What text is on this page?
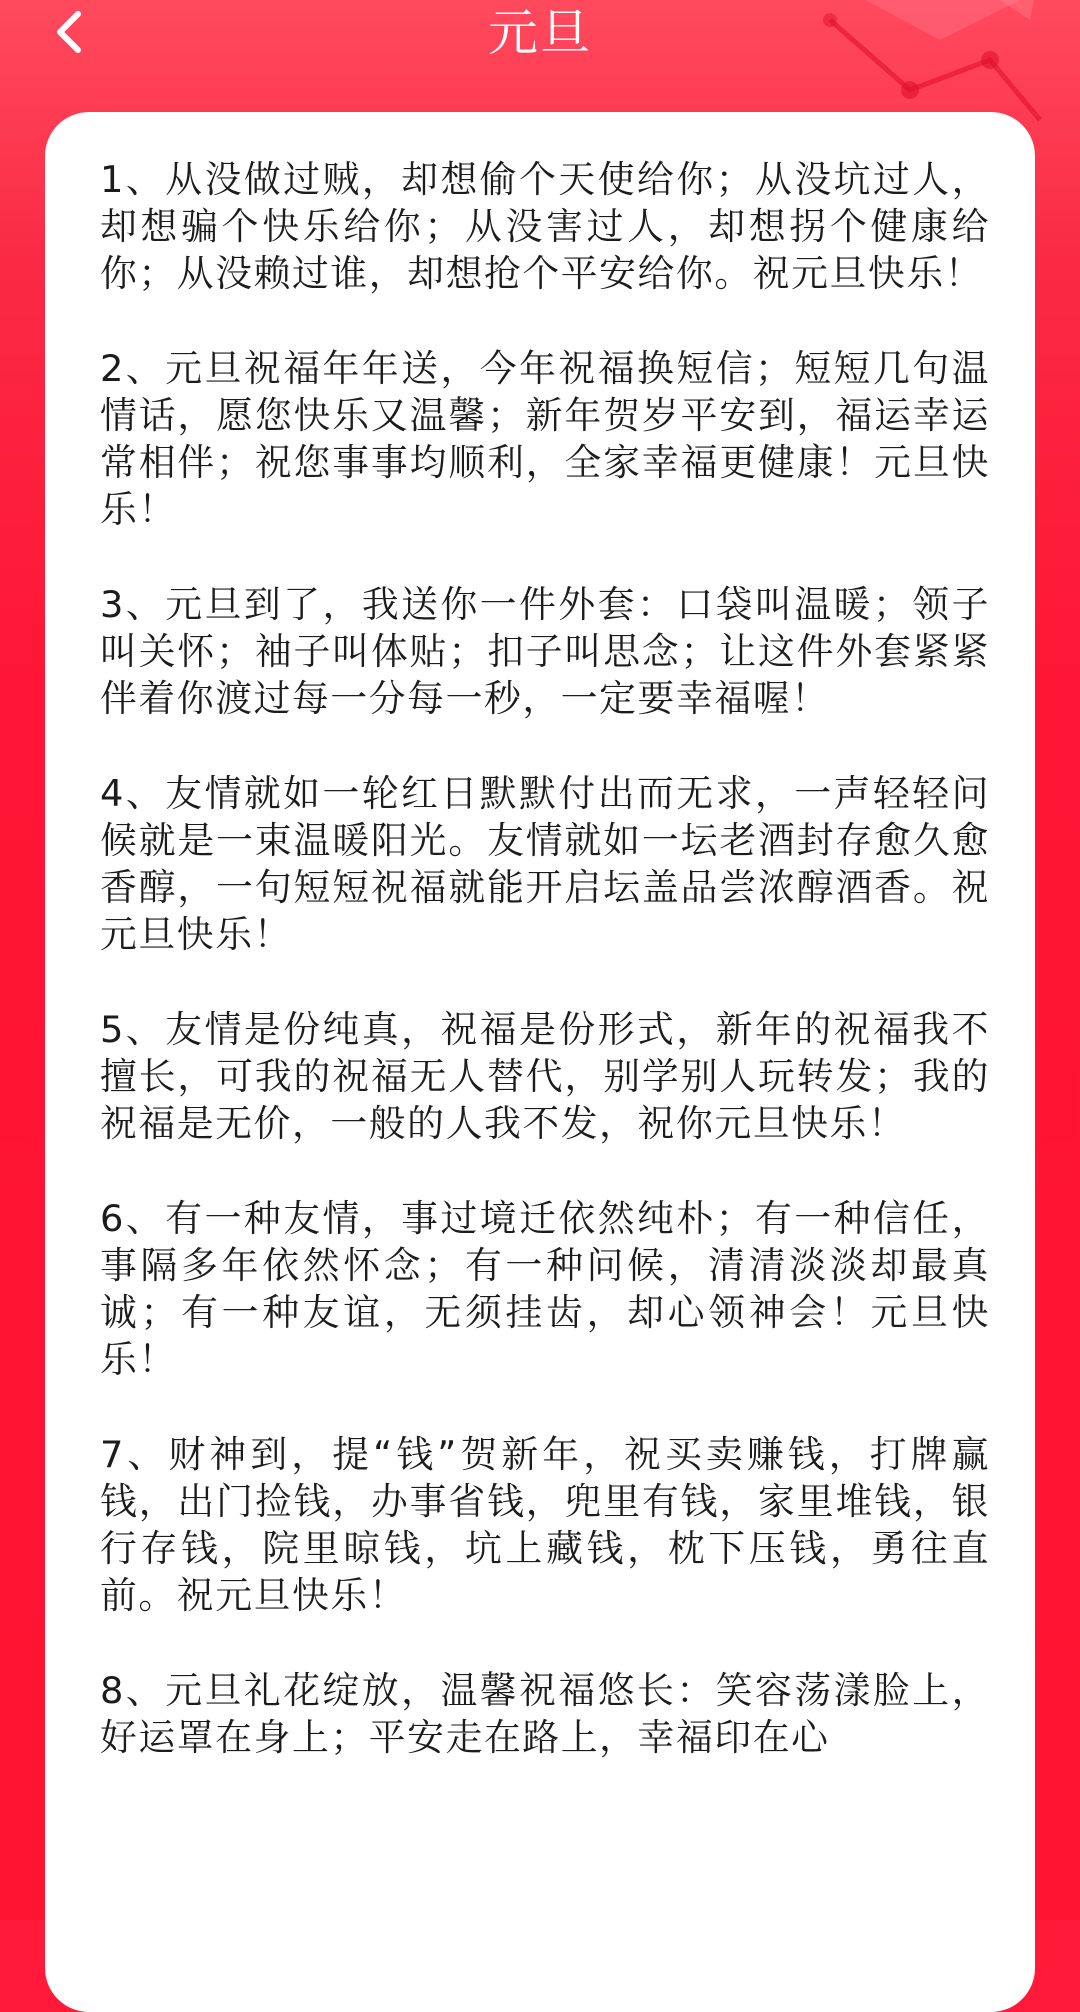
元旦

1、从没做过贼，却想偷个天使给你；从没坑过人，却想骗个快乐给你；从没害过人，却想拐个健康给你；从没赖过谁，却想抢个平安给你。祝元旦快乐！

2、元旦祝福年年送，今年祝福换短信；短短几句温情话，愿您快乐又温馨；新年贺岁平安到，福运幸运常相伴；祝您事事均顺利，全家幸福更健康！元旦快乐！

3、元旦到了，我送你一件外套：口袋叫温暖；领子叫关怀；袖子叫体贴；扣子叫思念；让这件外套紧紧伴着你渡过每一分每一秒，一定要幸福喔！

4、友情就如一轮红日默默付出而无求，一声轻轻问候就是一束温暖阳光。友情就如一坛老酒封存愈久愈香醇，一句短短祝福就能开启坛盖品尝浓醇酒香。祝元旦快乐！

5、友情是份纯真，祝福是份形式，新年的祝福我不擅长，可我的祝福无人替代，别学别人玩转发；我的祝福是无价，一般的人我不发，祝你元旦快乐！

6、有一种友情，事过境迁依然纯朴；有一种信任，事隔多年依然怀念；有一种问候，清清淡淡却最真诚；有一种友谊，无须挂齿，却心领神会！元旦快乐！

7、财神到，提“钱”贺新年，祝买卖赚钱，打牌赢钱，出门捡钱，办事省钱，兜里有钱，家里堆钱，银行存钱，院里晾钱，坑上藏钱，枕下压钱，勇往直前。祝元旦快乐！

8、元旦礼花绽放，温馨祝福悠长：笑容荡漾脸上，好运罩在身上；平安走在路上，幸福印在心
